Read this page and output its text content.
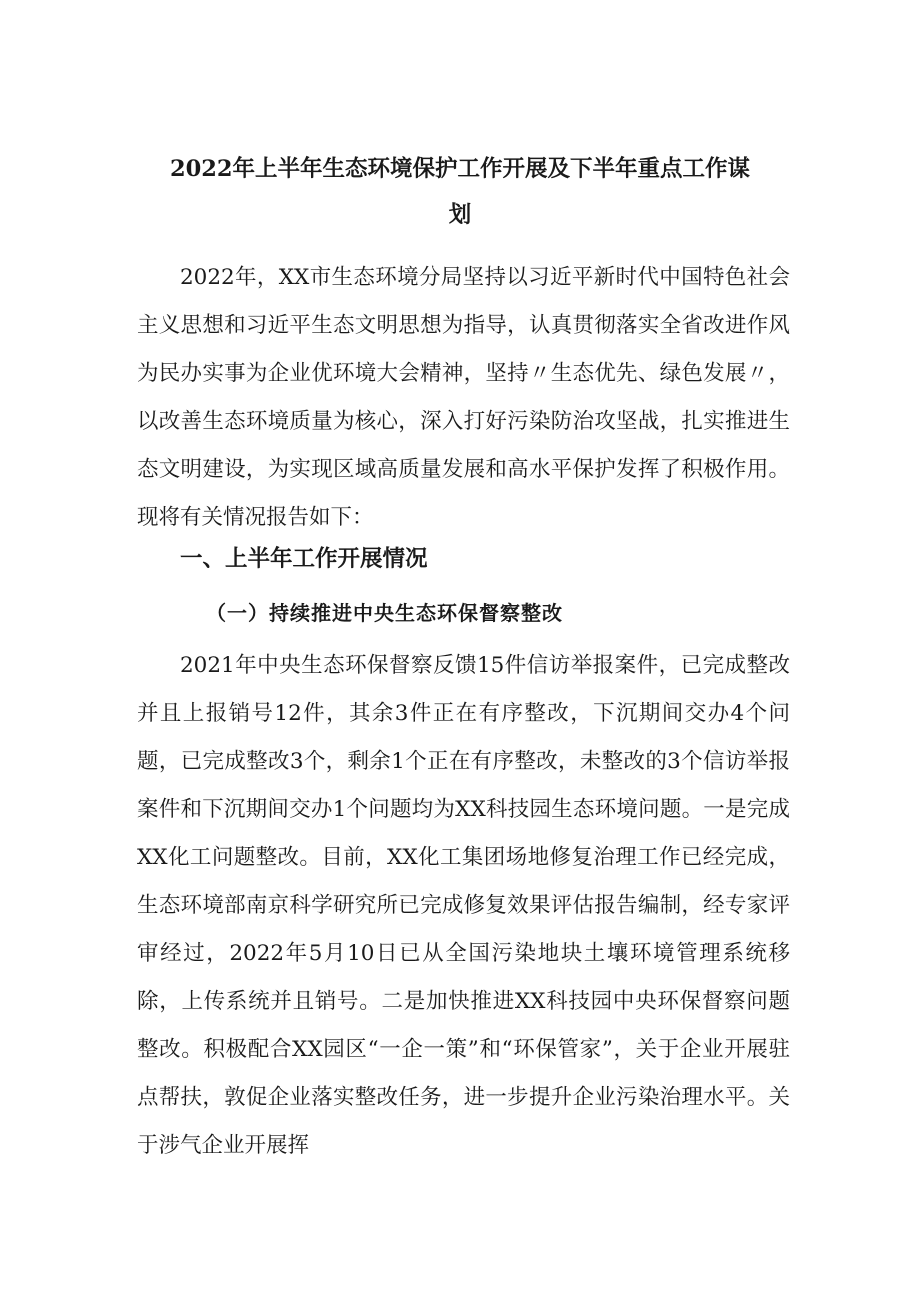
2022年上半年生态环境保护工作开展及下半年重点工作谋
划

2022年，XX市生态环境分局坚持以习近平新时代中国特色社会主义思想和习近平生态文明思想为指导，认真贯彻落实全省改进作风为民办实事为企业优环境大会精神，坚持〃生态优先、绿色发展〃，以改善生态环境质量为核心，深入打好污染防治攻坚战，扎实推进生态文明建设，为实现区域高质量发展和高水平保护发挥了积极作用。现将有关情况报告如下：

一、上半年工作开展情况
（一）持续推进中央生态环保督察整改

2021年中央生态环保督察反馈15件信访举报案件，已完成整改并且上报销号12件，其余3件正在有序整改，下沉期间交办4个问题，已完成整改3个，剩余1个正在有序整改，未整改的3个信访举报案件和下沉期间交办1个问题均为XX科技园生态环境问题。一是完成XX化工问题整改。目前，XX化工集团场地修复治理工作已经完成，生态环境部南京科学研究所已完成修复效果评估报告编制，经专家评审经过，2022年5月10日已从全国污染地块土壤环境管理系统移除，上传系统并且销号。二是加快推进XX科技园中央环保督察问题整改。积极配合XX园区“一企一策”和“环保管家”，关于企业开展驻点帮扶，敦促企业落实整改任务，进一步提升企业污染治理水平。关于涉气企业开展挥
